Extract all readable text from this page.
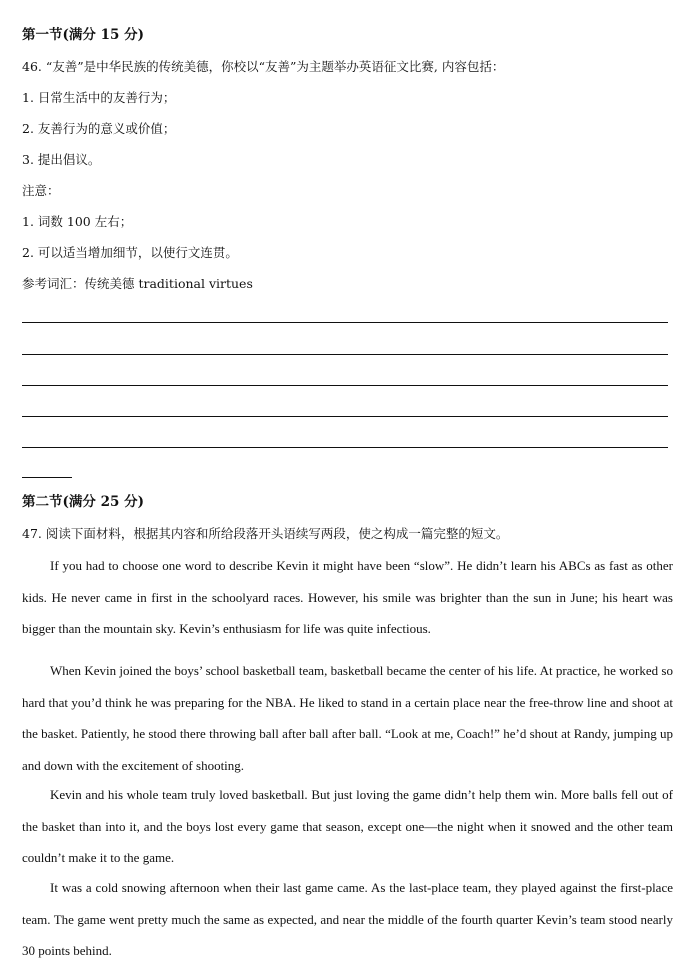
第一节(满分 15 分)
46. “友善”是中华民族的传统美德，你校以“友善”为主题举办英语征文比赛, 内容包括：
1. 日常生活中的友善行为；
2. 友善行为的意义或价值；
3. 提出倡议。
注意：
1. 词数 100 左右；
2. 可以适当增加细节，以使行文连贯。
参考词汇：传统美德 traditional virtues
第二节(满分 25 分)
47. 阅读下面材料，根据其内容和所给段落开头语续写两段，使之构成一篇完整的短文。
If you had to choose one word to describe Kevin it might have been “slow”. He didn’t learn his ABCs as fast as other kids. He never came in first in the schoolyard races. However, his smile was brighter than the sun in June; his heart was bigger than the mountain sky. Kevin’s enthusiasm for life was quite infectious.
When Kevin joined the boys’ school basketball team, basketball became the center of his life. At practice, he worked so hard that you’d think he was preparing for the NBA. He liked to stand in a certain place near the free-throw line and shoot at the basket. Patiently, he stood there throwing ball after ball after ball. “Look at me, Coach!” he’d shout at Randy, jumping up and down with the excitement of shooting.
Kevin and his whole team truly loved basketball. But just loving the game didn’t help them win. More balls fell out of the basket than into it, and the boys lost every game that season, except one—the night when it snowed and the other team couldn’t make it to the game.
It was a cold snowing afternoon when their last game came. As the last-place team, they played against the first-place team. The game went pretty much the same as expected, and near the middle of the fourth quarter Kevin’s team stood nearly 30 points behind.
